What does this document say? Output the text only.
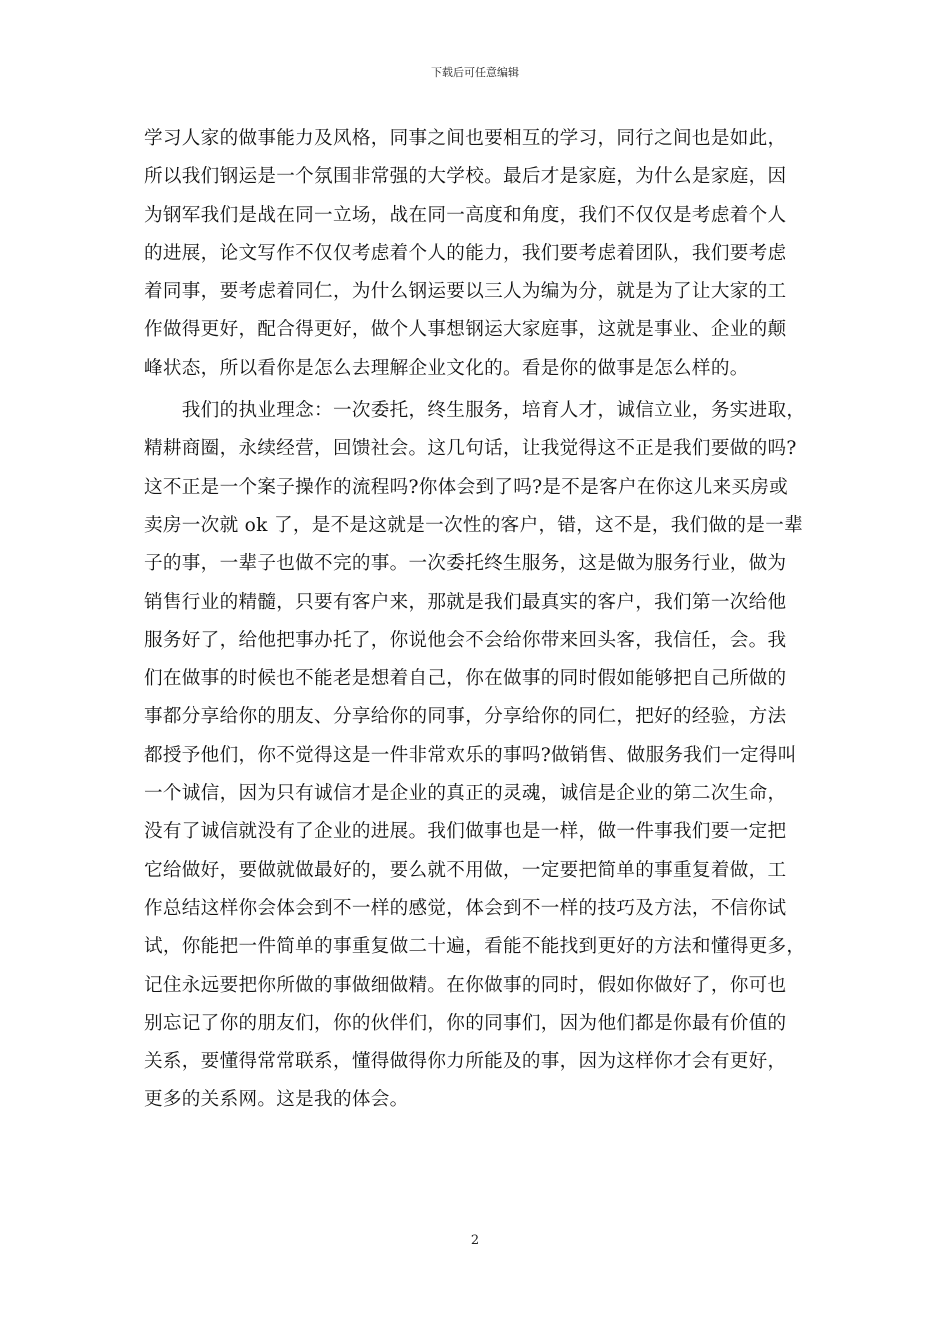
下载后可任意编辑
学习人家的做事能力及风格，同事之间也要相互的学习，同行之间也是如此，
所以我们钢运是一个氛围非常强的大学校。最后才是家庭，为什么是家庭，因
为钢军我们是战在同一立场，战在同一高度和角度，我们不仅仅是考虑着个人
的进展，论文写作不仅仅考虑着个人的能力，我们要考虑着团队，我们要考虑
着同事，要考虑着同仁，为什么钢运要以三人为编为分，就是为了让大家的工
作做得更好，配合得更好，做个人事想钢运大家庭事，这就是事业、企业的颠
峰状态，所以看你是怎么去理解企业文化的。看是你的做事是怎么样的。
　　我们的执业理念：一次委托，终生服务，培育人才，诚信立业，务实进取，
精耕商圈，永续经营，回馈社会。这几句话，让我觉得这不正是我们要做的吗?
这不正是一个案子操作的流程吗?你体会到了吗?是不是客户在你这儿来买房或
卖房一次就 ok 了，是不是这就是一次性的客户，错，这不是，我们做的是一辈
子的事，一辈子也做不完的事。一次委托终生服务，这是做为服务行业，做为
销售行业的精髓，只要有客户来，那就是我们最真实的客户，我们第一次给他
服务好了，给他把事办托了，你说他会不会给你带来回头客，我信任，会。我
们在做事的时候也不能老是想着自己，你在做事的同时假如能够把自己所做的
事都分享给你的朋友、分享给你的同事，分享给你的同仁，把好的经验，方法
都授予他们，你不觉得这是一件非常欢乐的事吗?做销售、做服务我们一定得叫
一个诚信，因为只有诚信才是企业的真正的灵魂，诚信是企业的第二次生命，
没有了诚信就没有了企业的进展。我们做事也是一样，做一件事我们要一定把
它给做好，要做就做最好的，要么就不用做，一定要把简单的事重复着做，工
作总结这样你会体会到不一样的感觉，体会到不一样的技巧及方法，不信你试
试，你能把一件简单的事重复做二十遍，看能不能找到更好的方法和懂得更多，
记住永远要把你所做的事做细做精。在你做事的同时，假如你做好了，你可也
别忘记了你的朋友们，你的伙伴们，你的同事们，因为他们都是你最有价值的
关系，要懂得常常联系，懂得做得你力所能及的事，因为这样你才会有更好，
更多的关系网。这是我的体会。
2
